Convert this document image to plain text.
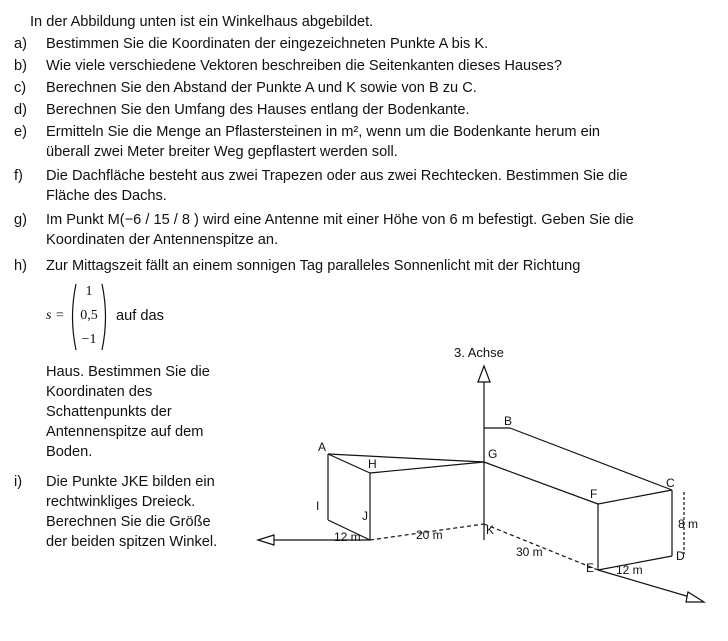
In der Abbildung unten ist ein Winkelhaus abgebildet.
a)	Bestimmen Sie die Koordinaten der eingezeichneten Punkte A bis K.
b)	Wie viele verschiedene Vektoren beschreiben die Seitenkanten dieses Hauses?
c)	Berechnen Sie den Abstand der Punkte A und K sowie von B zu C.
d)	Berechnen Sie den Umfang des Hauses entlang der Bodenkante.
e)	Ermitteln Sie die Menge an Pflastersteinen in m², wenn um die Bodenkante herum ein
überall zwei Meter breiter Weg gepflastert werden soll.
f)	Die Dachfläche besteht aus zwei Trapezen oder aus zwei Rechtecken. Bestimmen Sie die
Fläche des Dachs.
g)	Im Punkt M(−6 / 15 / 8 ) wird eine Antenne mit einer Höhe von 6 m befestigt. Geben Sie die
Koordinaten der Antennenspitze an.
h)	Zur Mittagszeit fällt an einem sonnigen Tag paralleles Sonnenlicht mit der Richtung
s =
1
0,5
−1
auf das
Haus. Bestimmen Sie die Koordinaten des Schattenpunkts der Antennenspitze auf dem Boden.
i)	Die Punkte JKE bilden ein rechtwinkliges Dreieck. Berechnen Sie die Größe der beiden spitzen Winkel.
3. Achse
A
B
C
D
E
F
G
H
I
J
K
12 m	20 m
30 m
12 m
8 m
